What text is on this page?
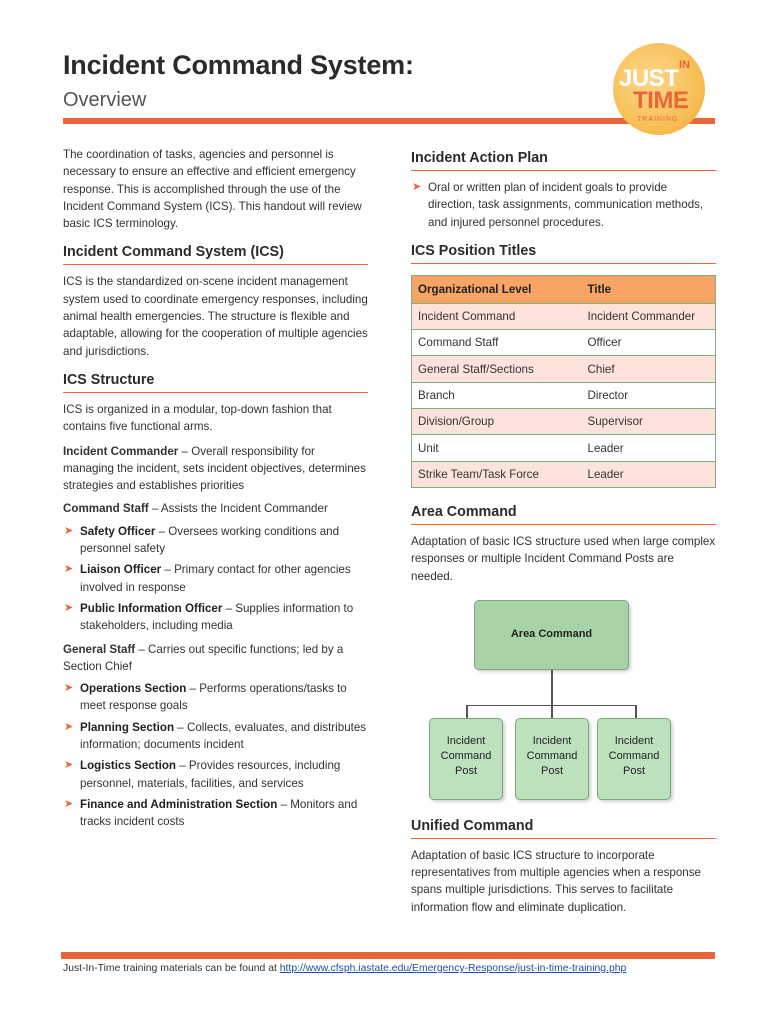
Incident Command System:
Overview
JUST IN
TIME
TRAINING

The coordination of tasks, agencies and personnel is necessary to ensure an effective and efficient emergency response. This is accomplished through the use of the Incident Command System (ICS). This handout will review basic ICS terminology.

Incident Command System (ICS)

ICS is the standardized on-scene incident management system used to coordinate emergency responses, including animal health emergencies. The structure is flexible and adaptable, allowing for the cooperation of multiple agencies and jurisdictions.

ICS Structure

ICS is organized in a modular, top-down fashion that contains five functional arms.

Incident Commander – Overall responsibility for managing the incident, sets incident objectives, determines strategies and establishes priorities

Command Staff – Assists the Incident Commander

➤ Safety Officer – Oversees working conditions and personnel safety
➤ Liaison Officer – Primary contact for other agencies involved in response
➤ Public Information Officer – Supplies information to stakeholders, including media

General Staff – Carries out specific functions; led by a Section Chief

➤ Operations Section – Performs operations/tasks to meet response goals
➤ Planning Section – Collects, evaluates, and distributes information; documents incident
➤ Logistics Section – Provides resources, including personnel, materials, facilities, and services
➤ Finance and Administration Section – Monitors and tracks incident costs
Incident Action Plan
➤ Oral or written plan of incident goals to provide direction, task assignments, communication methods, and injured personnel procedures.
ICS Position Titles
Organizational Level	Title
Incident Command	Incident Commander
Command Staff	Officer
General Staff/Sections	Chief
Branch	Director
Division/Group	Supervisor
Unit	Leader
Strike Team/Task Force	Leader
Area Command

Adaptation of basic ICS structure used when large complex responses or multiple Incident Command Posts are needed.

Area Command
Incident
Command
Post
Incident
Command
Post
Incident
Command
Post
Unified Command

Adaptation of basic ICS structure to incorporate representatives from multiple agencies when a response spans multiple jurisdictions. This serves to facilitate information flow and eliminate duplication.

Just-In-Time training materials can be found at http://www.cfsph.iastate.edu/Emergency-Response/just-in-time-training.php
